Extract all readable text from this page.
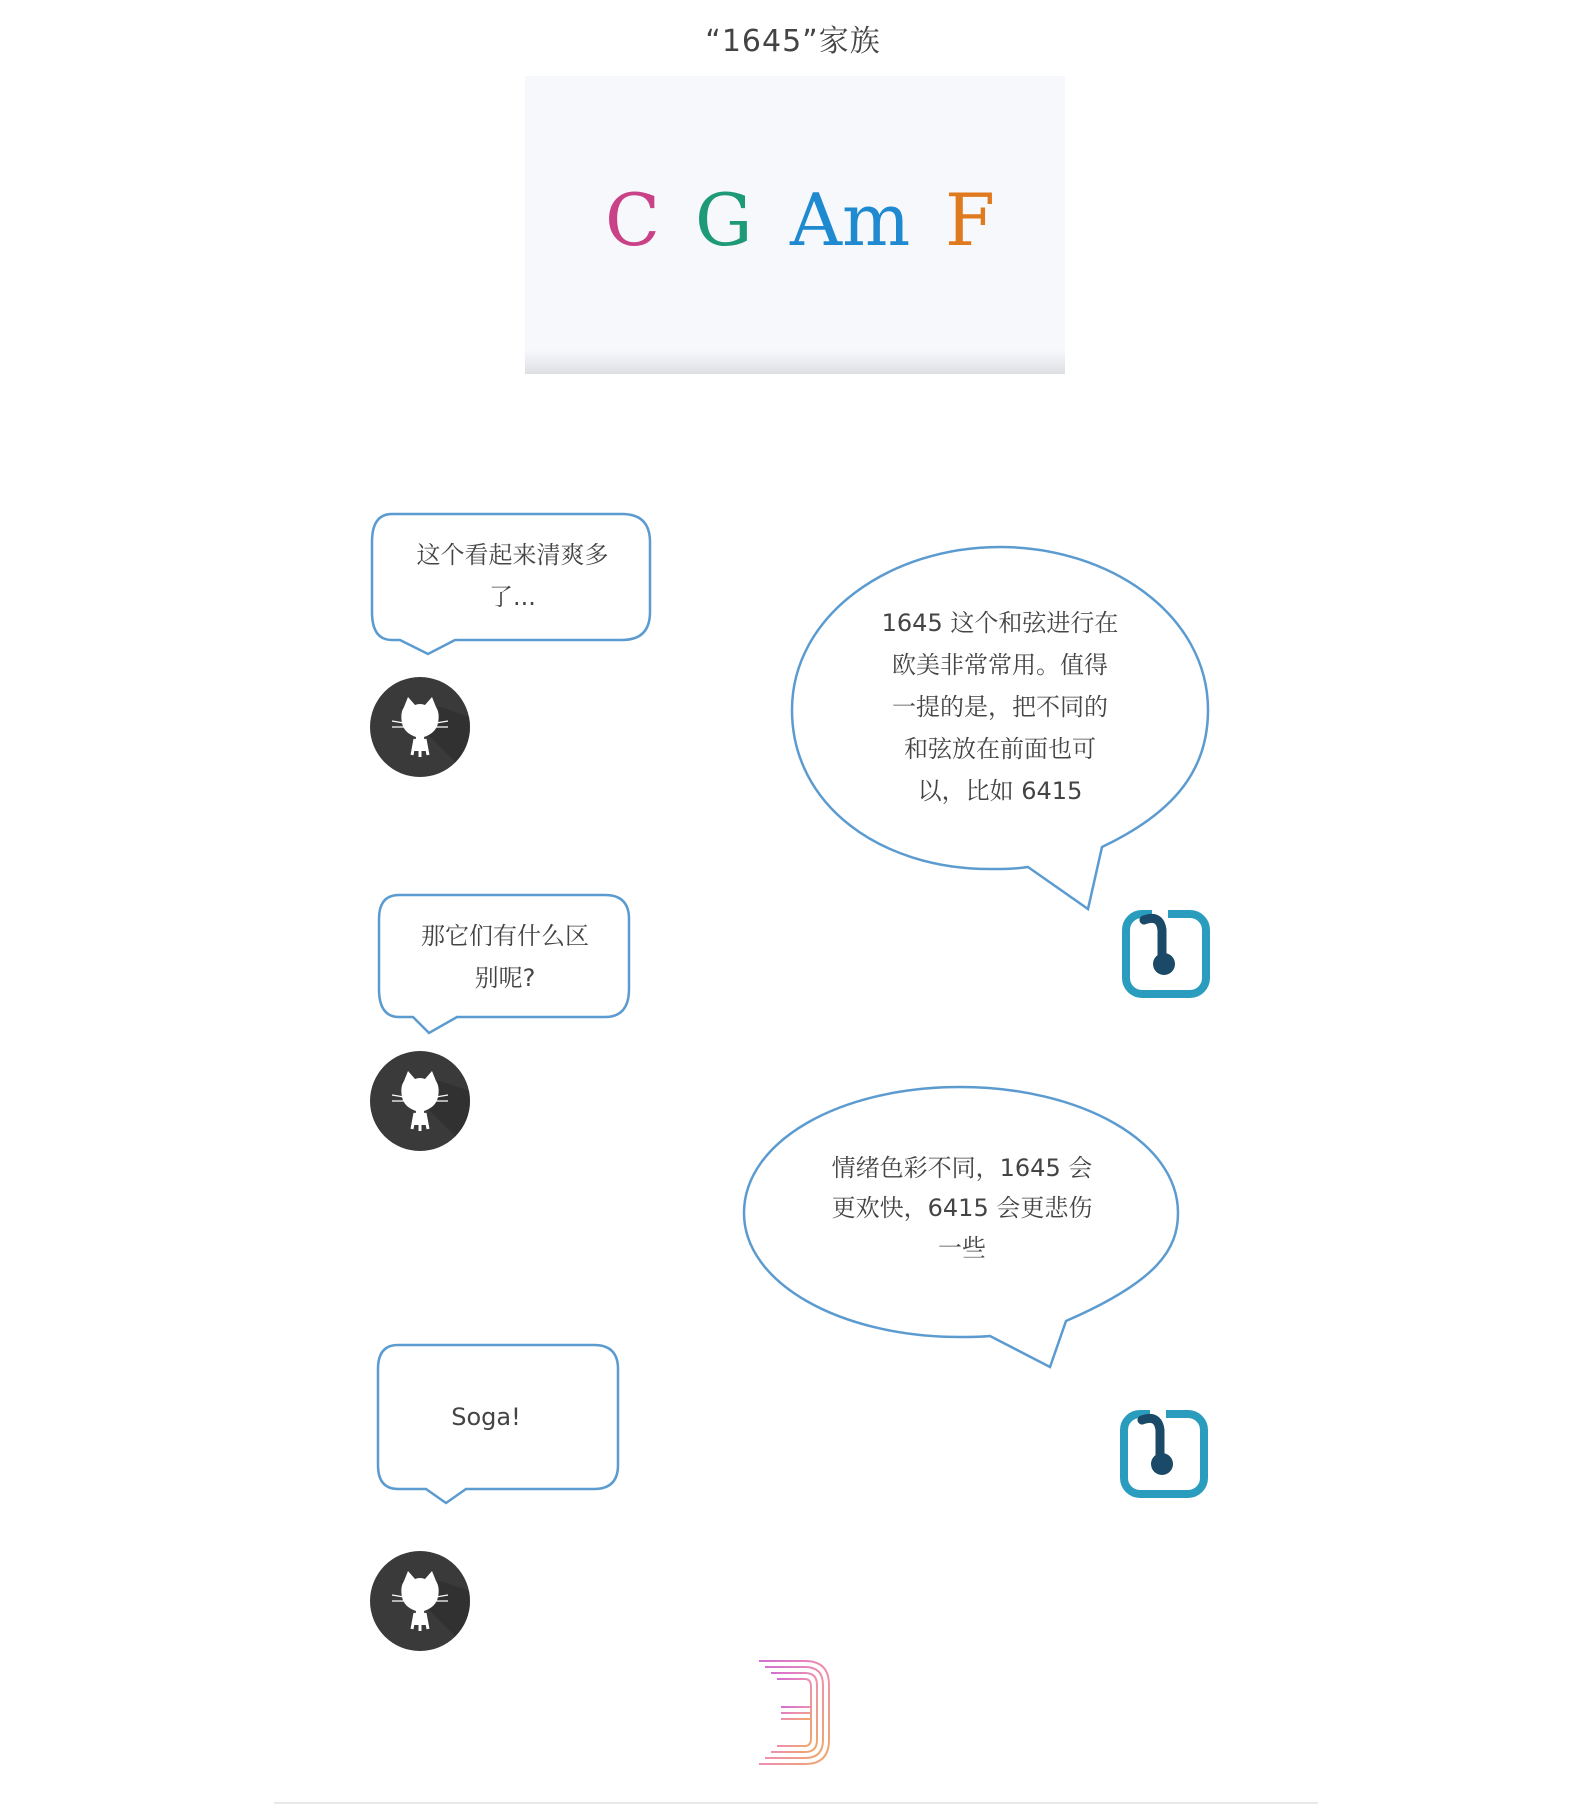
“1645”家族
C G Am F
这个看起来清爽多
了...
1645 这个和弦进行在
欧美非常常用。值得
一提的是，把不同的
和弦放在前面也可
以，比如 6415
那它们有什么区
别呢?
情绪色彩不同，1645 会
更欢快，6415 会更悲伤
一些
Soga!
